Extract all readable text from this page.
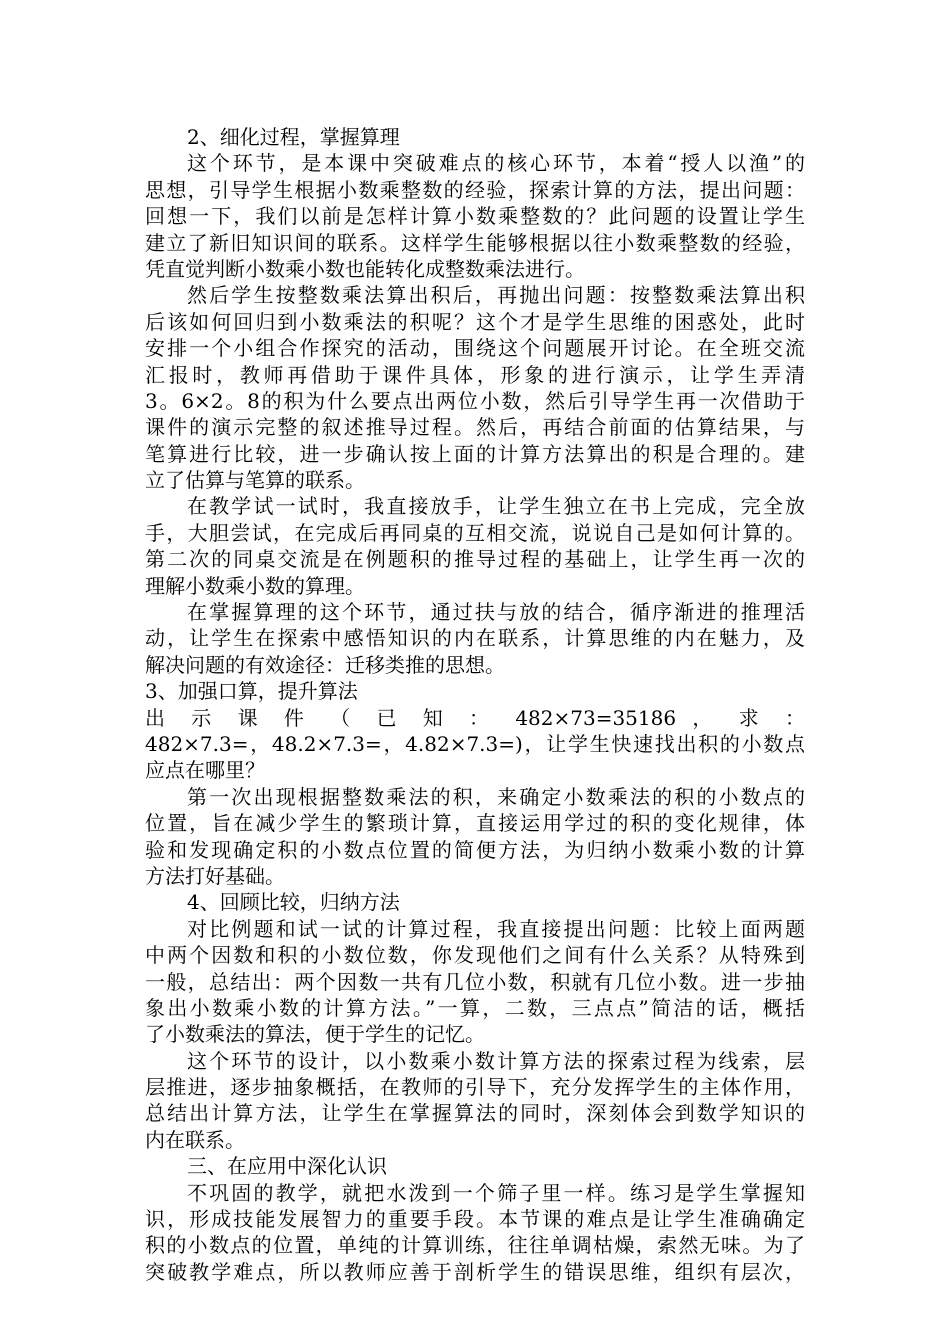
2、细化过程，掌握算理
这个环节，是本课中突破难点的核心环节，本着“授人以渔”的
思想，引导学生根据小数乘整数的经验，探索计算的方法，提出问题：
回想一下，我们以前是怎样计算小数乘整数的？此问题的设置让学生
建立了新旧知识间的联系。这样学生能够根据以往小数乘整数的经验，
凭直觉判断小数乘小数也能转化成整数乘法进行。
然后学生按整数乘法算出积后，再抛出问题：按整数乘法算出积
后该如何回归到小数乘法的积呢？这个才是学生思维的困惑处，此时
安排一个小组合作探究的活动，围绕这个问题展开讨论。在全班交流
汇报时，教师再借助于课件具体，形象的进行演示，让学生弄清
3。6×2。8的积为什么要点出两位小数，然后引导学生再一次借助于
课件的演示完整的叙述推导过程。然后，再结合前面的估算结果，与
笔算进行比较，进一步确认按上面的计算方法算出的积是合理的。建
立了估算与笔算的联系。
在教学试一试时，我直接放手，让学生独立在书上完成，完全放
手，大胆尝试，在完成后再同桌的互相交流，说说自己是如何计算的。
第二次的同桌交流是在例题积的推导过程的基础上，让学生再一次的
理解小数乘小数的算理。
在掌握算理的这个环节，通过扶与放的结合，循序渐进的推理活
动，让学生在探索中感悟知识的内在联系，计算思维的内在魅力，及
解决问题的有效途径：迁移类推的思想。
3、加强口算，提升算法
出 示 课 件 （ 已 知 ： 482×73=35186 ， 求 ：
482×7.3=，48.2×7.3=，4.82×7.3=)，让学生快速找出积的小数点
应点在哪里？
第一次出现根据整数乘法的积，来确定小数乘法的积的小数点的
位置，旨在减少学生的繁琐计算，直接运用学过的积的变化规律，体
验和发现确定积的小数点位置的简便方法，为归纳小数乘小数的计算
方法打好基础。
4、回顾比较，归纳方法
对比例题和试一试的计算过程，我直接提出问题：比较上面两题
中两个因数和积的小数位数，你发现他们之间有什么关系？从特殊到
一般，总结出：两个因数一共有几位小数，积就有几位小数。进一步抽
象出小数乘小数的计算方法。”一算，二数，三点点”简洁的话，概括
了小数乘法的算法，便于学生的记忆。
这个环节的设计，以小数乘小数计算方法的探索过程为线索，层
层推进，逐步抽象概括，在教师的引导下，充分发挥学生的主体作用，
总结出计算方法，让学生在掌握算法的同时，深刻体会到数学知识的
内在联系。
三、在应用中深化认识
不巩固的教学，就把水泼到一个筛子里一样。练习是学生掌握知
识，形成技能发展智力的重要手段。本节课的难点是让学生准确确定
积的小数点的位置，单纯的计算训练，往往单调枯燥，索然无味。为了
突破教学难点，所以教师应善于剖析学生的错误思维，组织有层次，
